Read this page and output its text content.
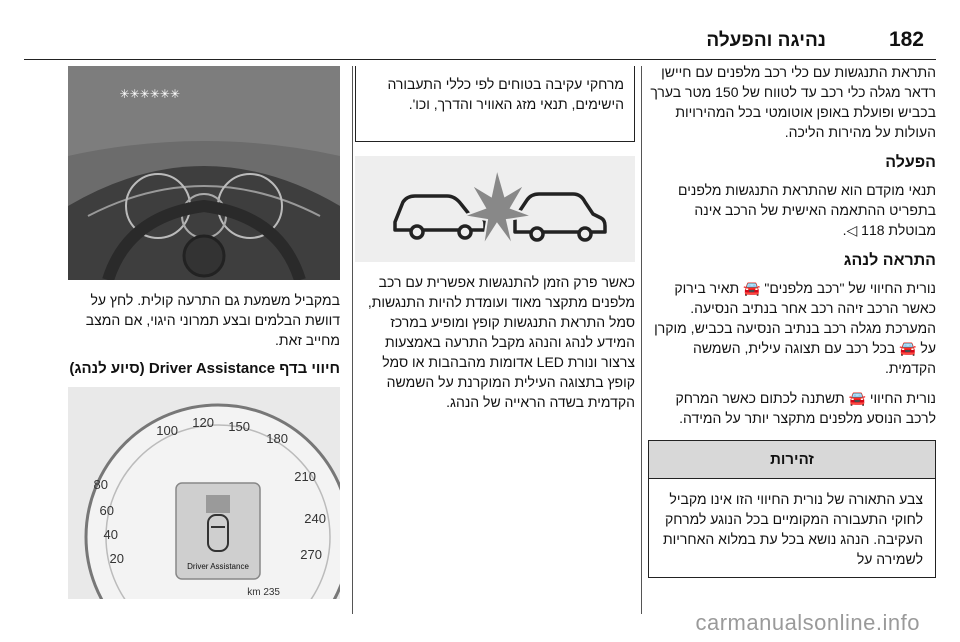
182
נהיגה והפעלה

התראת התנגשות עם כלי רכב מלפנים עם חיישן רדאר מגלה כלי רכב עד לטווח של 150 מטר בערך בכביש ופועלת באופן אוטומטי בכל המהירויות העולות על מהירות הליכה.

הפעלה

תנאי מוקדם הוא שהתראת התנגשות מלפנים בתפריט ההתאמה האישית של הרכב אינה מבוטלת 118 ◁.

התראה לנהג

נורית החיווי של "רכב מלפנים" 🚘 תאיר בירוק כאשר הרכב זיהה רכב אחר בנתיב הנסיעה. המערכת מגלה רכב בנתיב הנסיעה בכביש, מוקרן על 🚘 בכל רכב עם תצוגה עילית, השמשה הקדמית.

נורית החיווי 🚘 תשתנה לכתום כאשר המרחק לרכב הנוסע מלפנים מתקצר יותר על המידה.

זהירות
צבע התאורה של נורית החיווי הזו אינו מקביל לחוקי התעבורה המקומיים בכל הנוגע למרחק העקיבה. הנהג נושא בכל עת במלוא האחריות לשמירה על
מרחקי עקיבה בטוחים לפי כללי התעבורה הישימים, תנאי מזג האוויר והדרך, וכו'.

כאשר פרק הזמן להתנגשות אפשרית עם רכב מלפנים מתקצר מאוד ועומדת להיות התנגשות, סמל התראת התנגשות קופץ ומופיע במרכז המידע לנהג והנהג מקבל התרעה באמצעות צרצור ונורת LED אדומות מהבהבות או סמל קופץ בתצוגה העילית המוקרנת על השמשה הקדמית בשדה הראייה של הנהג.

✳✳✳✳✳✳

במקביל משמעת גם התרעה קולית. לחץ על דוושת הבלמים ובצע תמרוני היגוי, אם המצב מחייב זאת.

חיווי בדף Driver Assistance (סיוע לנהג)
80
60
40
20
100
120 150
180
210
240
270
Driver Assistance
235 km
carmanualsonline.info
